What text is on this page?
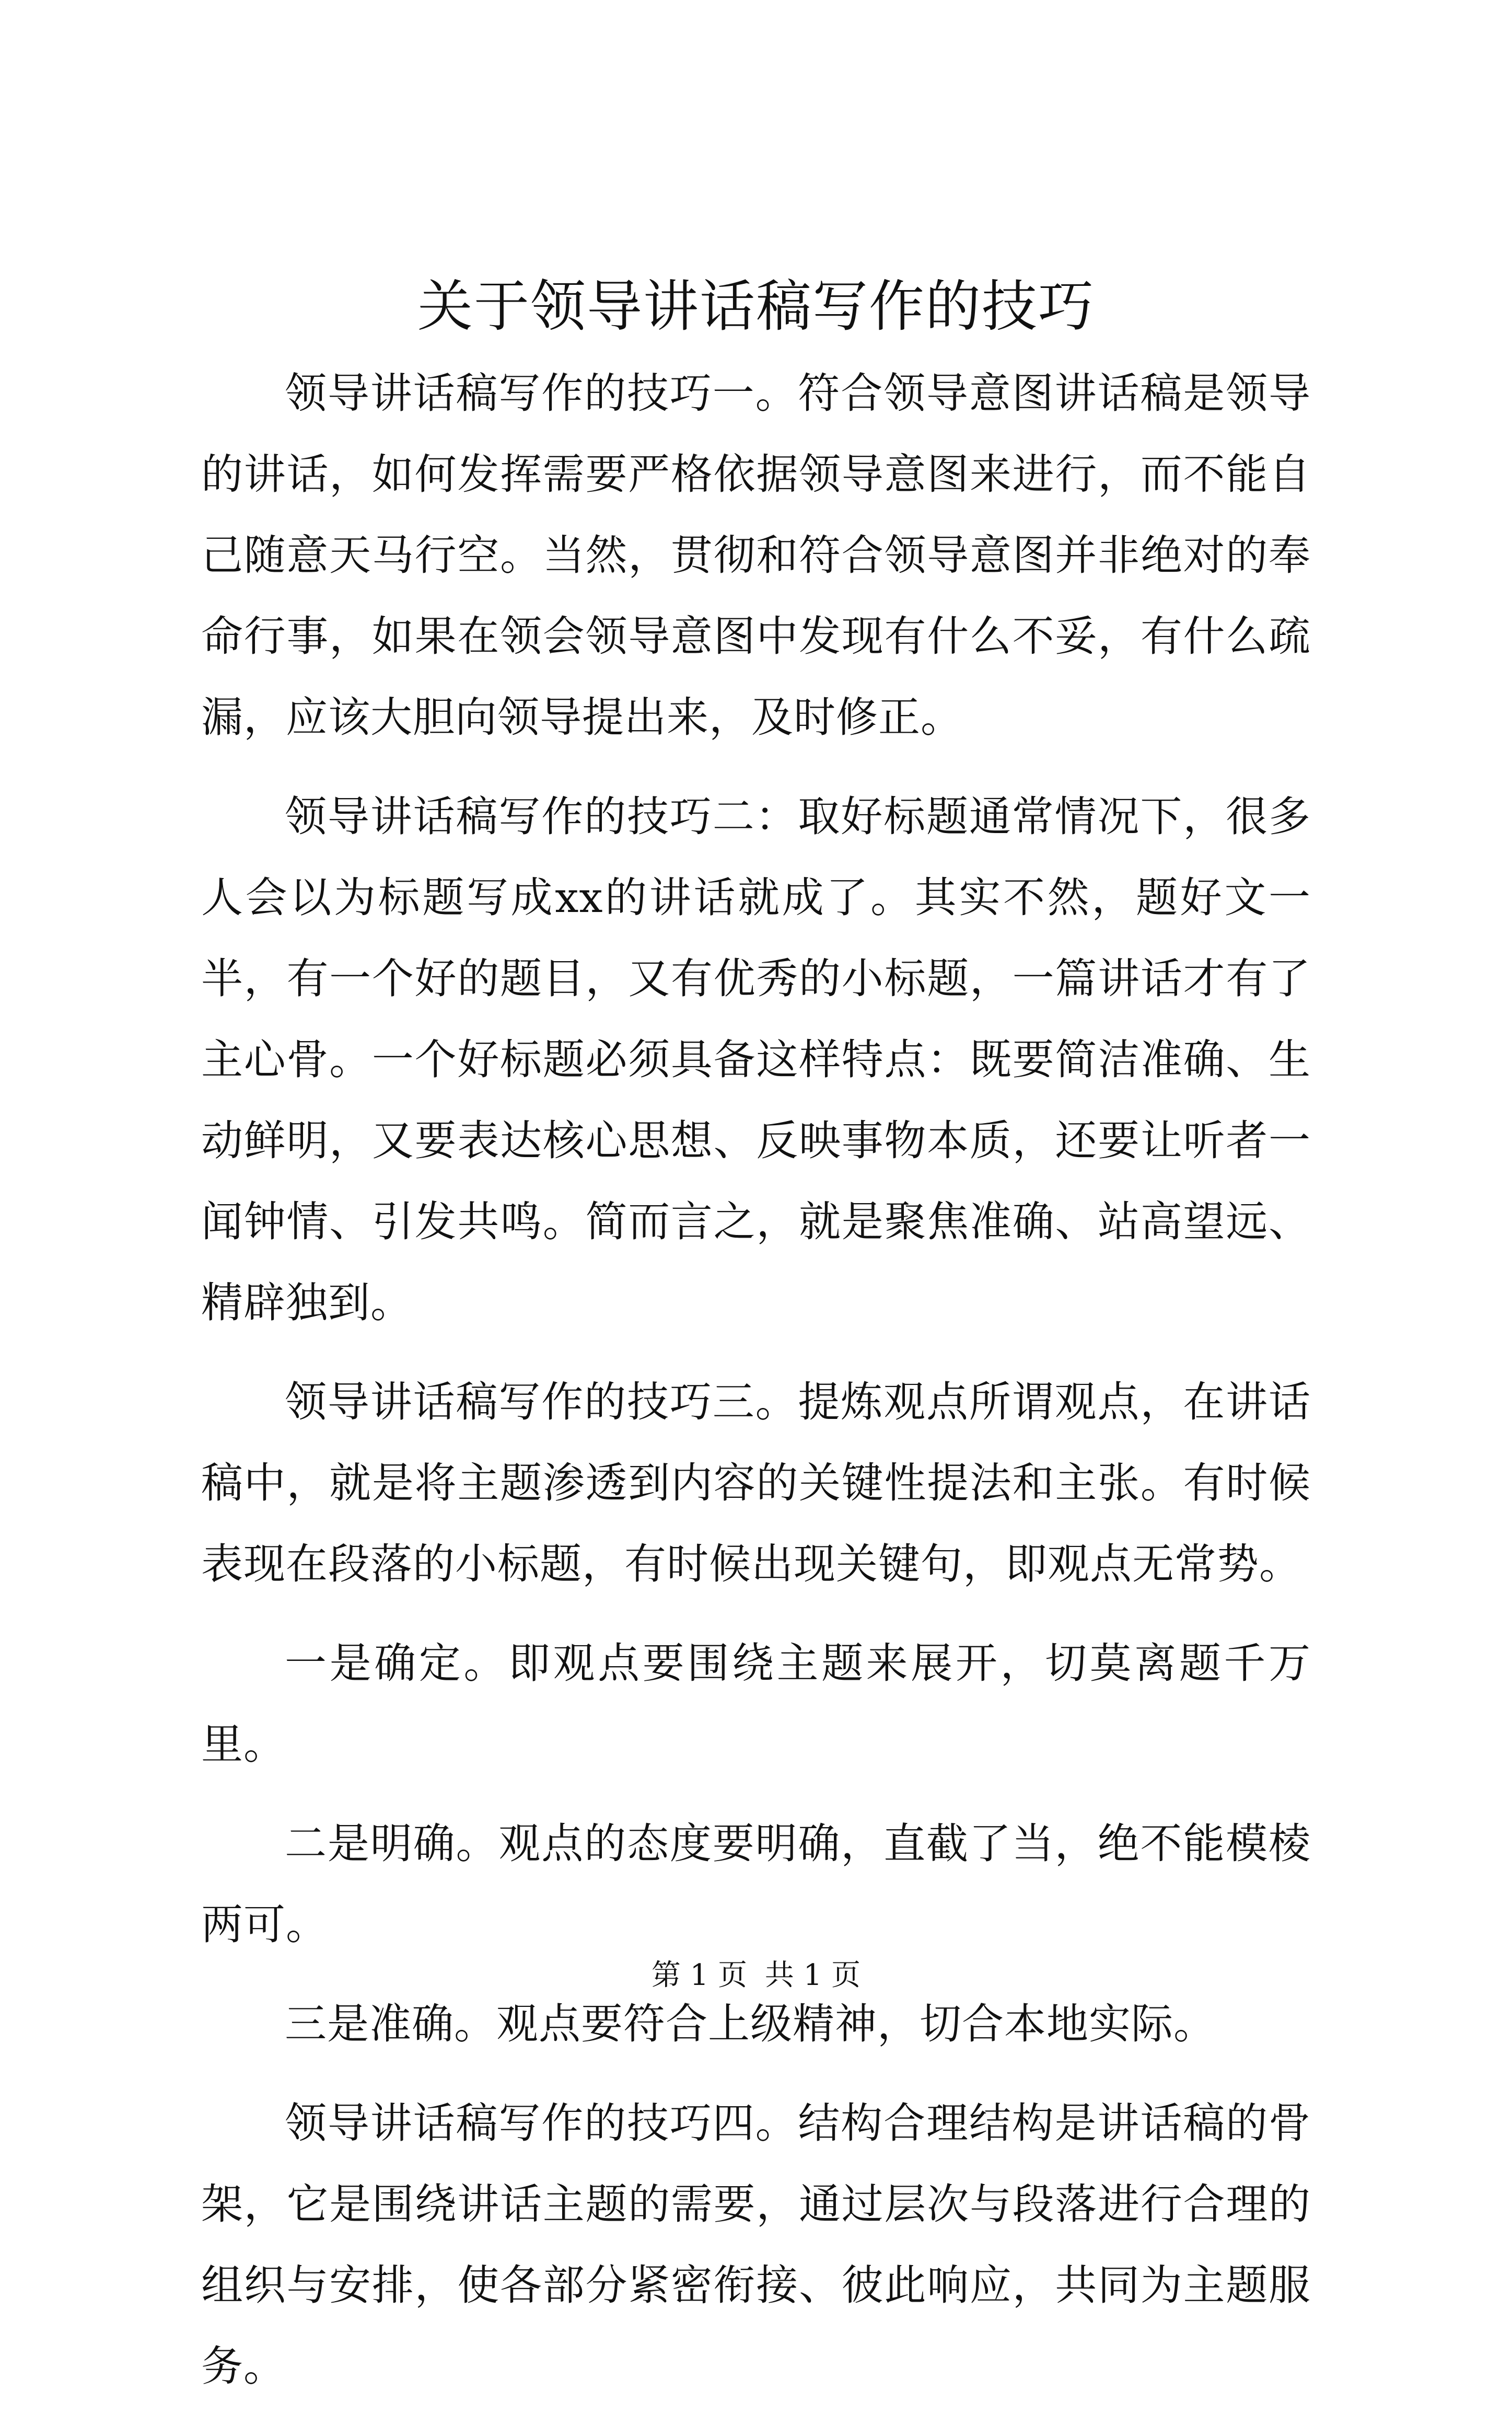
关于领导讲话稿写作的技巧

领导讲话稿写作的技巧一。符合领导意图讲话稿是领导的讲话，如何发挥需要严格依据领导意图来进行，而不能自己随意天马行空。当然，贯彻和符合领导意图并非绝对的奉命行事，如果在领会领导意图中发现有什么不妥，有什么疏漏，应该大胆向领导提出来，及时修正。

领导讲话稿写作的技巧二：取好标题通常情况下，很多人会以为标题写成xx的讲话就成了。其实不然，题好文一半，有一个好的题目，又有优秀的小标题，一篇讲话才有了主心骨。一个好标题必须具备这样特点：既要简洁准确、生动鲜明，又要表达核心思想、反映事物本质，还要让听者一闻钟情、引发共鸣。简而言之，就是聚焦准确、站高望远、精辟独到。

领导讲话稿写作的技巧三。提炼观点所谓观点，在讲话稿中，就是将主题渗透到内容的关键性提法和主张。有时候表现在段落的小标题，有时候出现关键句，即观点无常势。

一是确定。即观点要围绕主题来展开，切莫离题千万里。

二是明确。观点的态度要明确，直截了当，绝不能模棱两可。

三是准确。观点要符合上级精神，切合本地实际。

领导讲话稿写作的技巧四。结构合理结构是讲话稿的骨架，它是围绕讲话主题的需要，通过层次与段落进行合理的组织与安排，使各部分紧密衔接、彼此响应，共同为主题服务。

第 1 页 共 1 页
